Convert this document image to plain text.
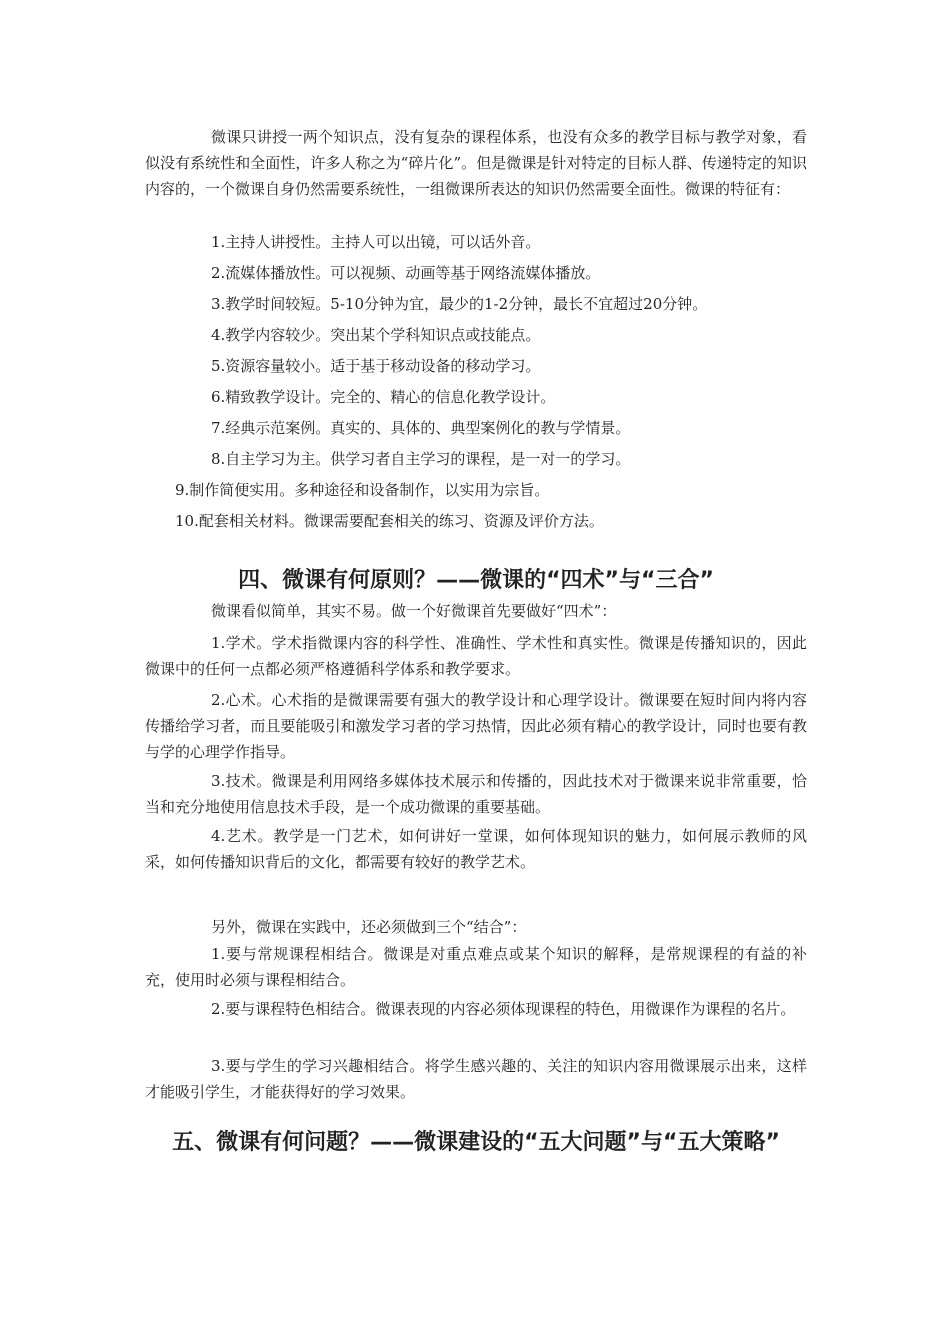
微课只讲授一两个知识点，没有复杂的课程体系，也没有众多的教学目标与教学对象，看似没有系统性和全面性，许多人称之为“碎片化”。但是微课是针对特定的目标人群、传递特定的知识内容的，一个微课自身仍然需要系统性，一组微课所表达的知识仍然需要全面性。微课的特征有：

1.主持人讲授性。主持人可以出镜，可以话外音。

2.流媒体播放性。可以视频、动画等基于网络流媒体播放。

3.教学时间较短。5-10分钟为宜，最少的1-2分钟，最长不宜超过20分钟。

4.教学内容较少。突出某个学科知识点或技能点。

5.资源容量较小。适于基于移动设备的移动学习。

6.精致教学设计。完全的、精心的信息化教学设计。

7.经典示范案例。真实的、具体的、典型案例化的教与学情景。

8.自主学习为主。供学习者自主学习的课程，是一对一的学习。

9.制作简便实用。多种途径和设备制作，以实用为宗旨。

10.配套相关材料。微课需要配套相关的练习、资源及评价方法。

四、微课有何原则？——微课的“四术”与“三合”

微课看似简单，其实不易。做一个好微课首先要做好“四术”：

1.学术。学术指微课内容的科学性、准确性、学术性和真实性。微课是传播知识的，因此微课中的任何一点都必须严格遵循科学体系和教学要求。

2.心术。心术指的是微课需要有强大的教学设计和心理学设计。微课要在短时间内将内容传播给学习者，而且要能吸引和激发学习者的学习热情，因此必须有精心的教学设计，同时也要有教与学的心理学作指导。

3.技术。微课是利用网络多媒体技术展示和传播的，因此技术对于微课来说非常重要，恰当和充分地使用信息技术手段，是一个成功微课的重要基础。

4.艺术。教学是一门艺术，如何讲好一堂课，如何体现知识的魅力，如何展示教师的风采，如何传播知识背后的文化，都需要有较好的教学艺术。

另外，微课在实践中，还必须做到三个“结合”：

1.要与常规课程相结合。微课是对重点难点或某个知识的解释，是常规课程的有益的补充，使用时必须与课程相结合。

2.要与课程特色相结合。微课表现的内容必须体现课程的特色，用微课作为课程的名片。

3.要与学生的学习兴趣相结合。将学生感兴趣的、关注的知识内容用微课展示出来，这样才能吸引学生，才能获得好的学习效果。

五、微课有何问题？——微课建设的“五大问题”与“五大策略”
